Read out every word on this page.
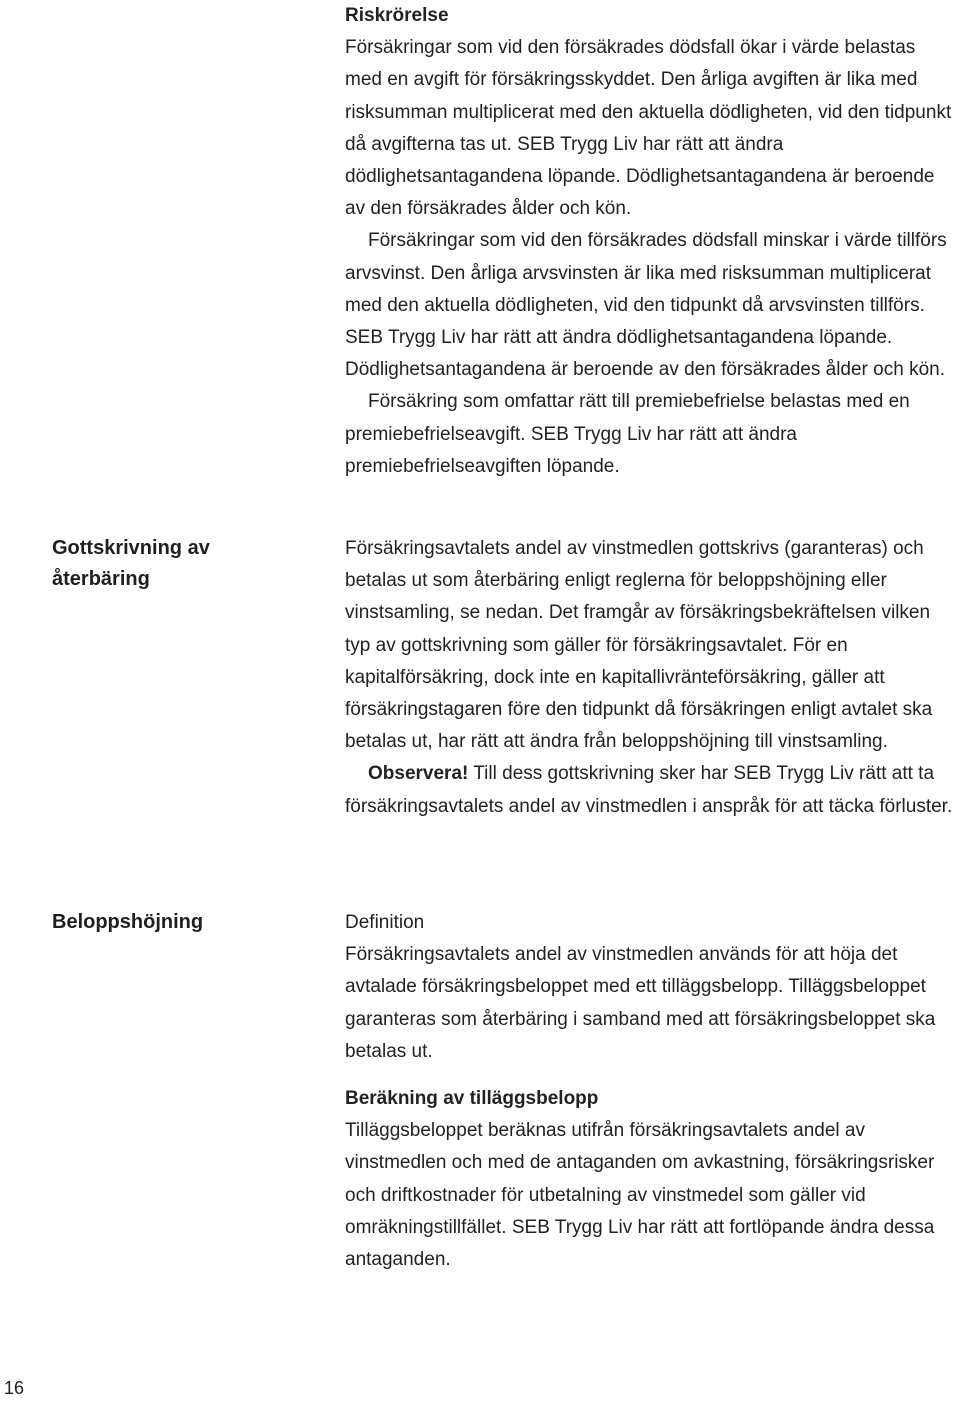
Riskrörelse

Försäkringar som vid den försäkrades dödsfall ökar i värde belastas med en avgift för försäkringsskyddet. Den årliga avgiften är lika med risksumman multiplicerat med den aktuella dödligheten, vid den tidpunkt då avgifterna tas ut. SEB Trygg Liv har rätt att ändra dödlighetsantagandena löpande. Dödlighetsantagandena är beroende av den försäkrades ålder och kön.

Försäkringar som vid den försäkrades dödsfall minskar i värde tillförs arvsvinst. Den årliga arvsvinsten är lika med risksumman multiplicerat med den aktuella dödligheten, vid den tidpunkt då arvsvinsten tillförs. SEB Trygg Liv har rätt att ändra dödlighetsantagandena löpande. Dödlighetsantagandena är beroende av den försäkrades ålder och kön.

Försäkring som omfattar rätt till premiebefrielse belastas med en premiebefrielseavgift. SEB Trygg Liv har rätt att ändra premiebefrielseavgiften löpande.

Gottskrivning av återbäring

Försäkringsavtalets andel av vinstmedlen gottskrivs (garanteras) och betalas ut som återbäring enligt reglerna för beloppshöjning eller vinstsamling, se nedan. Det framgår av försäkringsbekräftelsen vilken typ av gottskrivning som gäller för försäkringsavtalet. För en kapitalförsäkring, dock inte en kapitallivränteförsäkring, gäller att försäkringstagaren före den tidpunkt då försäkringen enligt avtalet ska betalas ut, har rätt att ändra från beloppshöjning till vinstsamling.

Observera! Till dess gottskrivning sker har SEB Trygg Liv rätt att ta försäkringsavtalets andel av vinstmedlen i anspråk för att täcka förluster.

Beloppshöjning	Definition

Försäkringsavtalets andel av vinstmedlen används för att höja det avtalade försäkringsbeloppet med ett tilläggsbelopp. Tilläggsbeloppet garanteras som återbäring i samband med att försäkringsbeloppet ska betalas ut.

Beräkning av tilläggsbelopp

Tilläggsbeloppet beräknas utifrån försäkringsavtalets andel av vinstmedlen och med de antaganden om avkastning, försäkringsrisker och driftkostnader för utbetalning av vinstmedel som gäller vid omräkningstillfället. SEB Trygg Liv har rätt att fortlöpande ändra dessa antaganden.

16
